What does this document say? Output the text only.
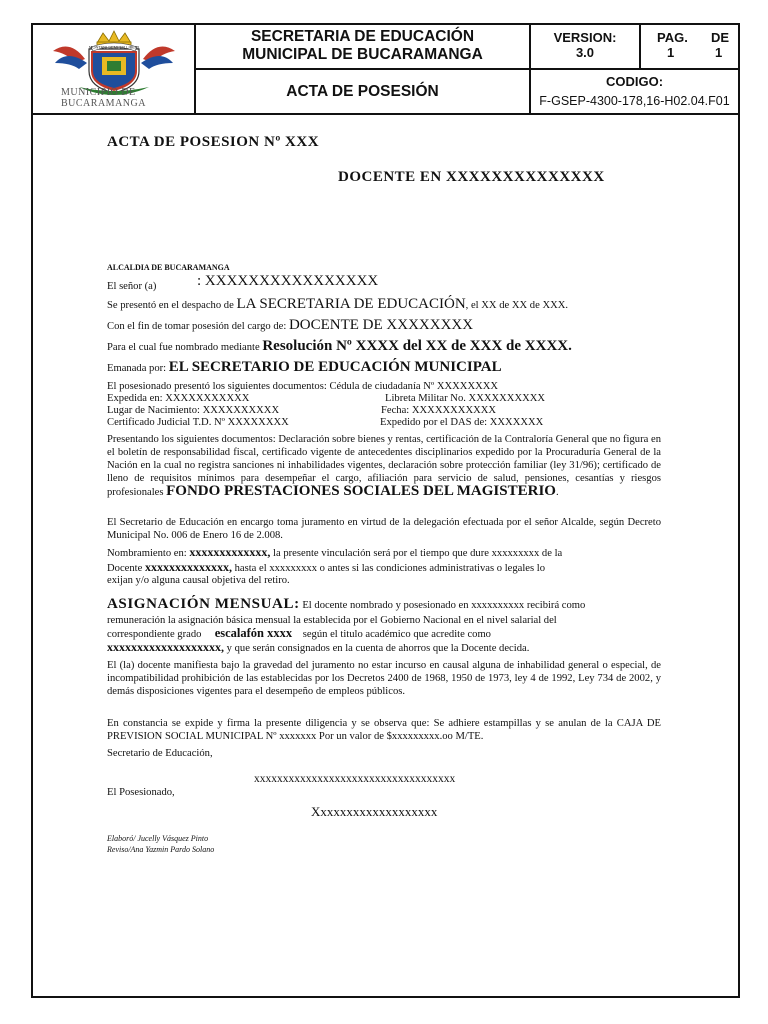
MONTANI SEMPER LIBERI
MUNICIPIO DE
BUCARAMANGA
SECRETARIA DE EDUCACIÓN
MUNICIPAL DE BUCARAMANGA
ACTA DE POSESIÓN
VERSION:
3.0
PAG.
1
DE
1
CODIGO:
F-GSEP-4300-178,16-H02.04.F01
ACTA DE POSESION Nº XXX
DOCENTE EN XXXXXXXXXXXXXX
ALCALDIA DE BUCARAMANGA
El señor (a)	: XXXXXXXXXXXXXXXX
Se presentó en el despacho de LA SECRETARIA DE EDUCACIÓN, el XX de XX de XXX.
Con el fin de tomar posesión del cargo de: DOCENTE DE XXXXXXXX
Para el cual fue nombrado mediante Resolución Nº XXXX del XX de XXX de XXXX.
Emanada por: EL SECRETARIO DE EDUCACIÓN MUNICIPAL
El posesionado presentó los siguientes documentos: Cédula de ciudadanía Nº XXXXXXXX
Expedida en: XXXXXXXXXXX	Libreta Militar No. XXXXXXXXXX
Lugar de Nacimiento: XXXXXXXXXX	Fecha: XXXXXXXXXXX
Certificado Judicial T.D. Nº XXXXXXXX	Expedido por el DAS de: XXXXXXX
Presentando los siguientes documentos: Declaración sobre bienes y rentas, certificación de la Contraloría General que no figura en el boletín de responsabilidad fiscal, certificado vigente de antecedentes disciplinarios expedido por la Procuraduría General de la Nación en la cual no registra sanciones ni inhabilidades vigentes, declaración sobre protección familiar (ley 31/96); certificado de lleno de requisitos mínimos para desempeñar el cargo, afiliación para servicio de salud, pensiones, cesantías y riesgos profesionales FONDO PRESTACIONES SOCIALES DEL MAGISTERIO.
El Secretario de Educación en encargo toma juramento en virtud de la delegación efectuada por el señor Alcalde, según Decreto Municipal No. 006 de Enero 16 de 2.008.
Nombramiento en: xxxxxxxxxxxxx, la presente vinculación será por el tiempo que dure xxxxxxxxx de la
Docente xxxxxxxxxxxxxx, hasta el xxxxxxxxx o antes si las condiciones administrativas o legales lo
exijan y/o alguna causal objetiva del retiro.
ASIGNACIÓN MENSUAL: El docente nombrado y posesionado en xxxxxxxxxx recibirá como
remuneración la asignación básica mensual la establecida por el Gobierno Nacional en el nivel salarial del
correspondiente grado escalafón xxxx según el titulo académico que acredite como
xxxxxxxxxxxxxxxxxxx, y que serán consignados en la cuenta de ahorros que la Docente decida.
El (la) docente manifiesta bajo la gravedad del juramento no estar incurso en causal alguna de inhabilidad general o especial, de incompatibilidad prohibición de las establecidas por los Decretos 2400 de 1968, 1950 de 1973, ley 4 de 1992, Ley 734 de 2002, y demás disposiciones vigentes para el desempeño de empleos públicos.
En constancia se expide y firma la presente diligencia y se observa que: Se adhiere estampillas y se anulan de la CAJA DE PREVISION SOCIAL MUNICIPAL Nº xxxxxxx Por un valor de $xxxxxxxxx.oo M/TE.
Secretario de Educación,
xxxxxxxxxxxxxxxxxxxxxxxxxxxxxxxxxxx
El Posesionado,
Xxxxxxxxxxxxxxxxxxx
Elaboró/ Jucelly Vásquez Pinto
Reviso/Ana Yazmin Pardo Solano
